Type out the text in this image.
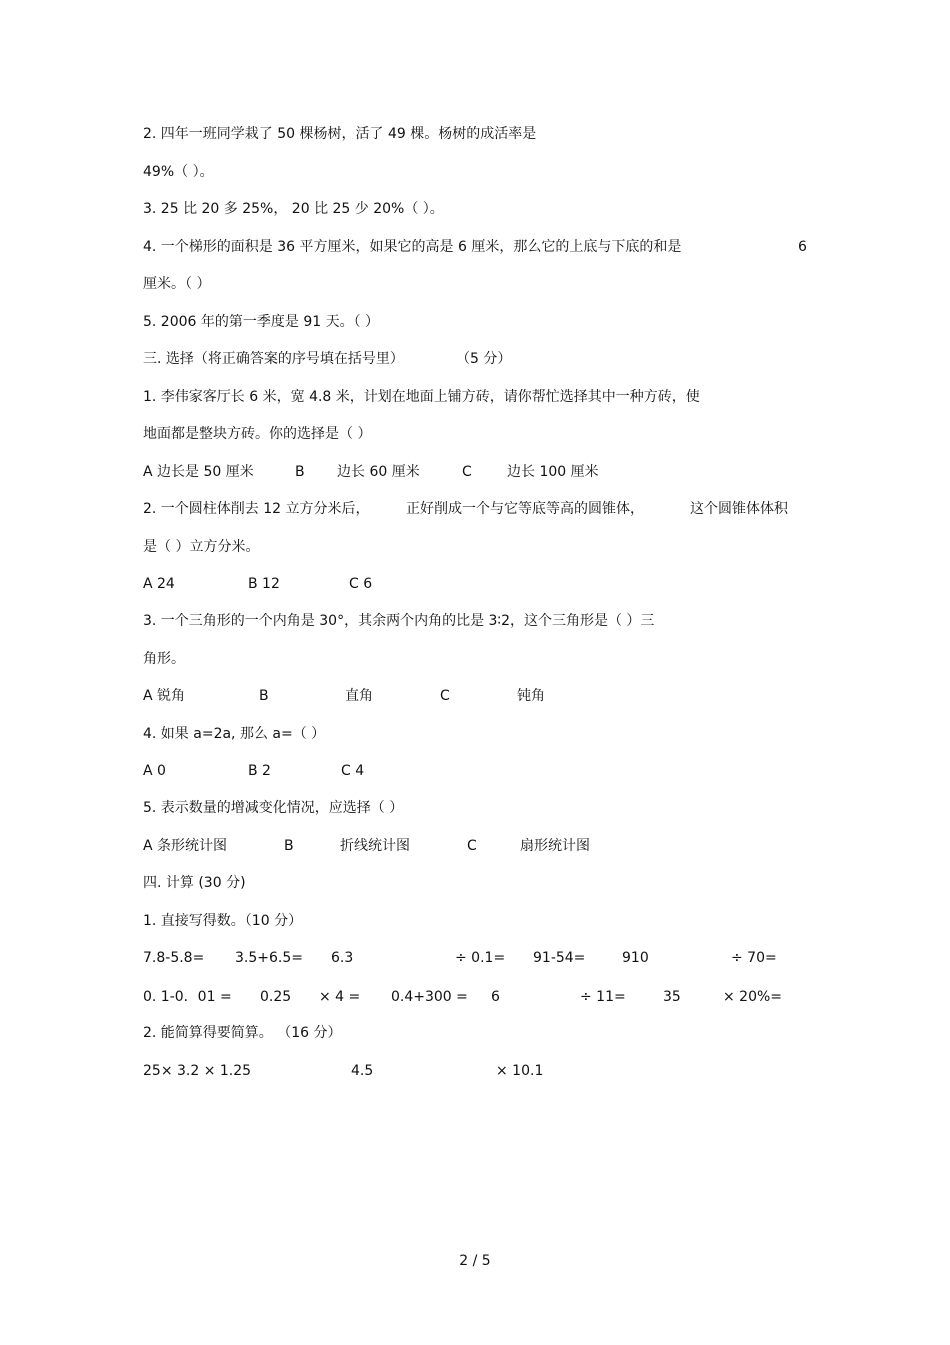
2. 四年一班同学栽了 50 棵杨树，活了 49 棵。杨树的成活率是
49%（ ）。
3. 25 比 20 多 25%， 20 比 25 少 20%（ ）。
4. 一个梯形的面积是 36 平方厘米，如果它的高是 6 厘米，那么它的上底与下底的和是	6
厘米。（ ）
5. 2006 年的第一季度是 91 天。（ ）
三. 选择（将正确答案的序号填在括号里）	（5 分）
1. 李伟家客厅长 6 米，宽 4.8 米，计划在地面上铺方砖，请你帮忙选择其中一种方砖，使
地面都是整块方砖。你的选择是（ ）
A 边长是 50 厘米	B 边长 60 厘米	C	边长 100 厘米
2. 一个圆柱体削去 12 立方分米后，	正好削成一个与它等底等高的圆锥体，	这个圆锥体体积
是（ ）立方分米。
A 24	B 12	C 6
3. 一个三角形的一个内角是 30°，其余两个内角的比是 3∶2，这个三角形是（ ）三
角形。
A 锐角	B	直角	C	钝角
4. 如果 a=2a, 那么 a=（ ）
A 0	B 2	C 4
5. 表示数量的增减变化情况，应选择（ ）
A 条形统计图	B	折线统计图	C	扇形统计图
四. 计算 (30 分)
1. 直接写得数。（10 分）
7.8-5.8= 3.5+6.5= 6.3	÷ 0.1= 91-54=	910	÷ 70=
0. 1-0．01 = 0.25 × 4 = 0.4+300 = 6	÷ 11=	35	× 20%=
2. 能简算得要简算。 （16 分）
25× 3.2 × 1.25	4.5	× 10.1
2 / 5
